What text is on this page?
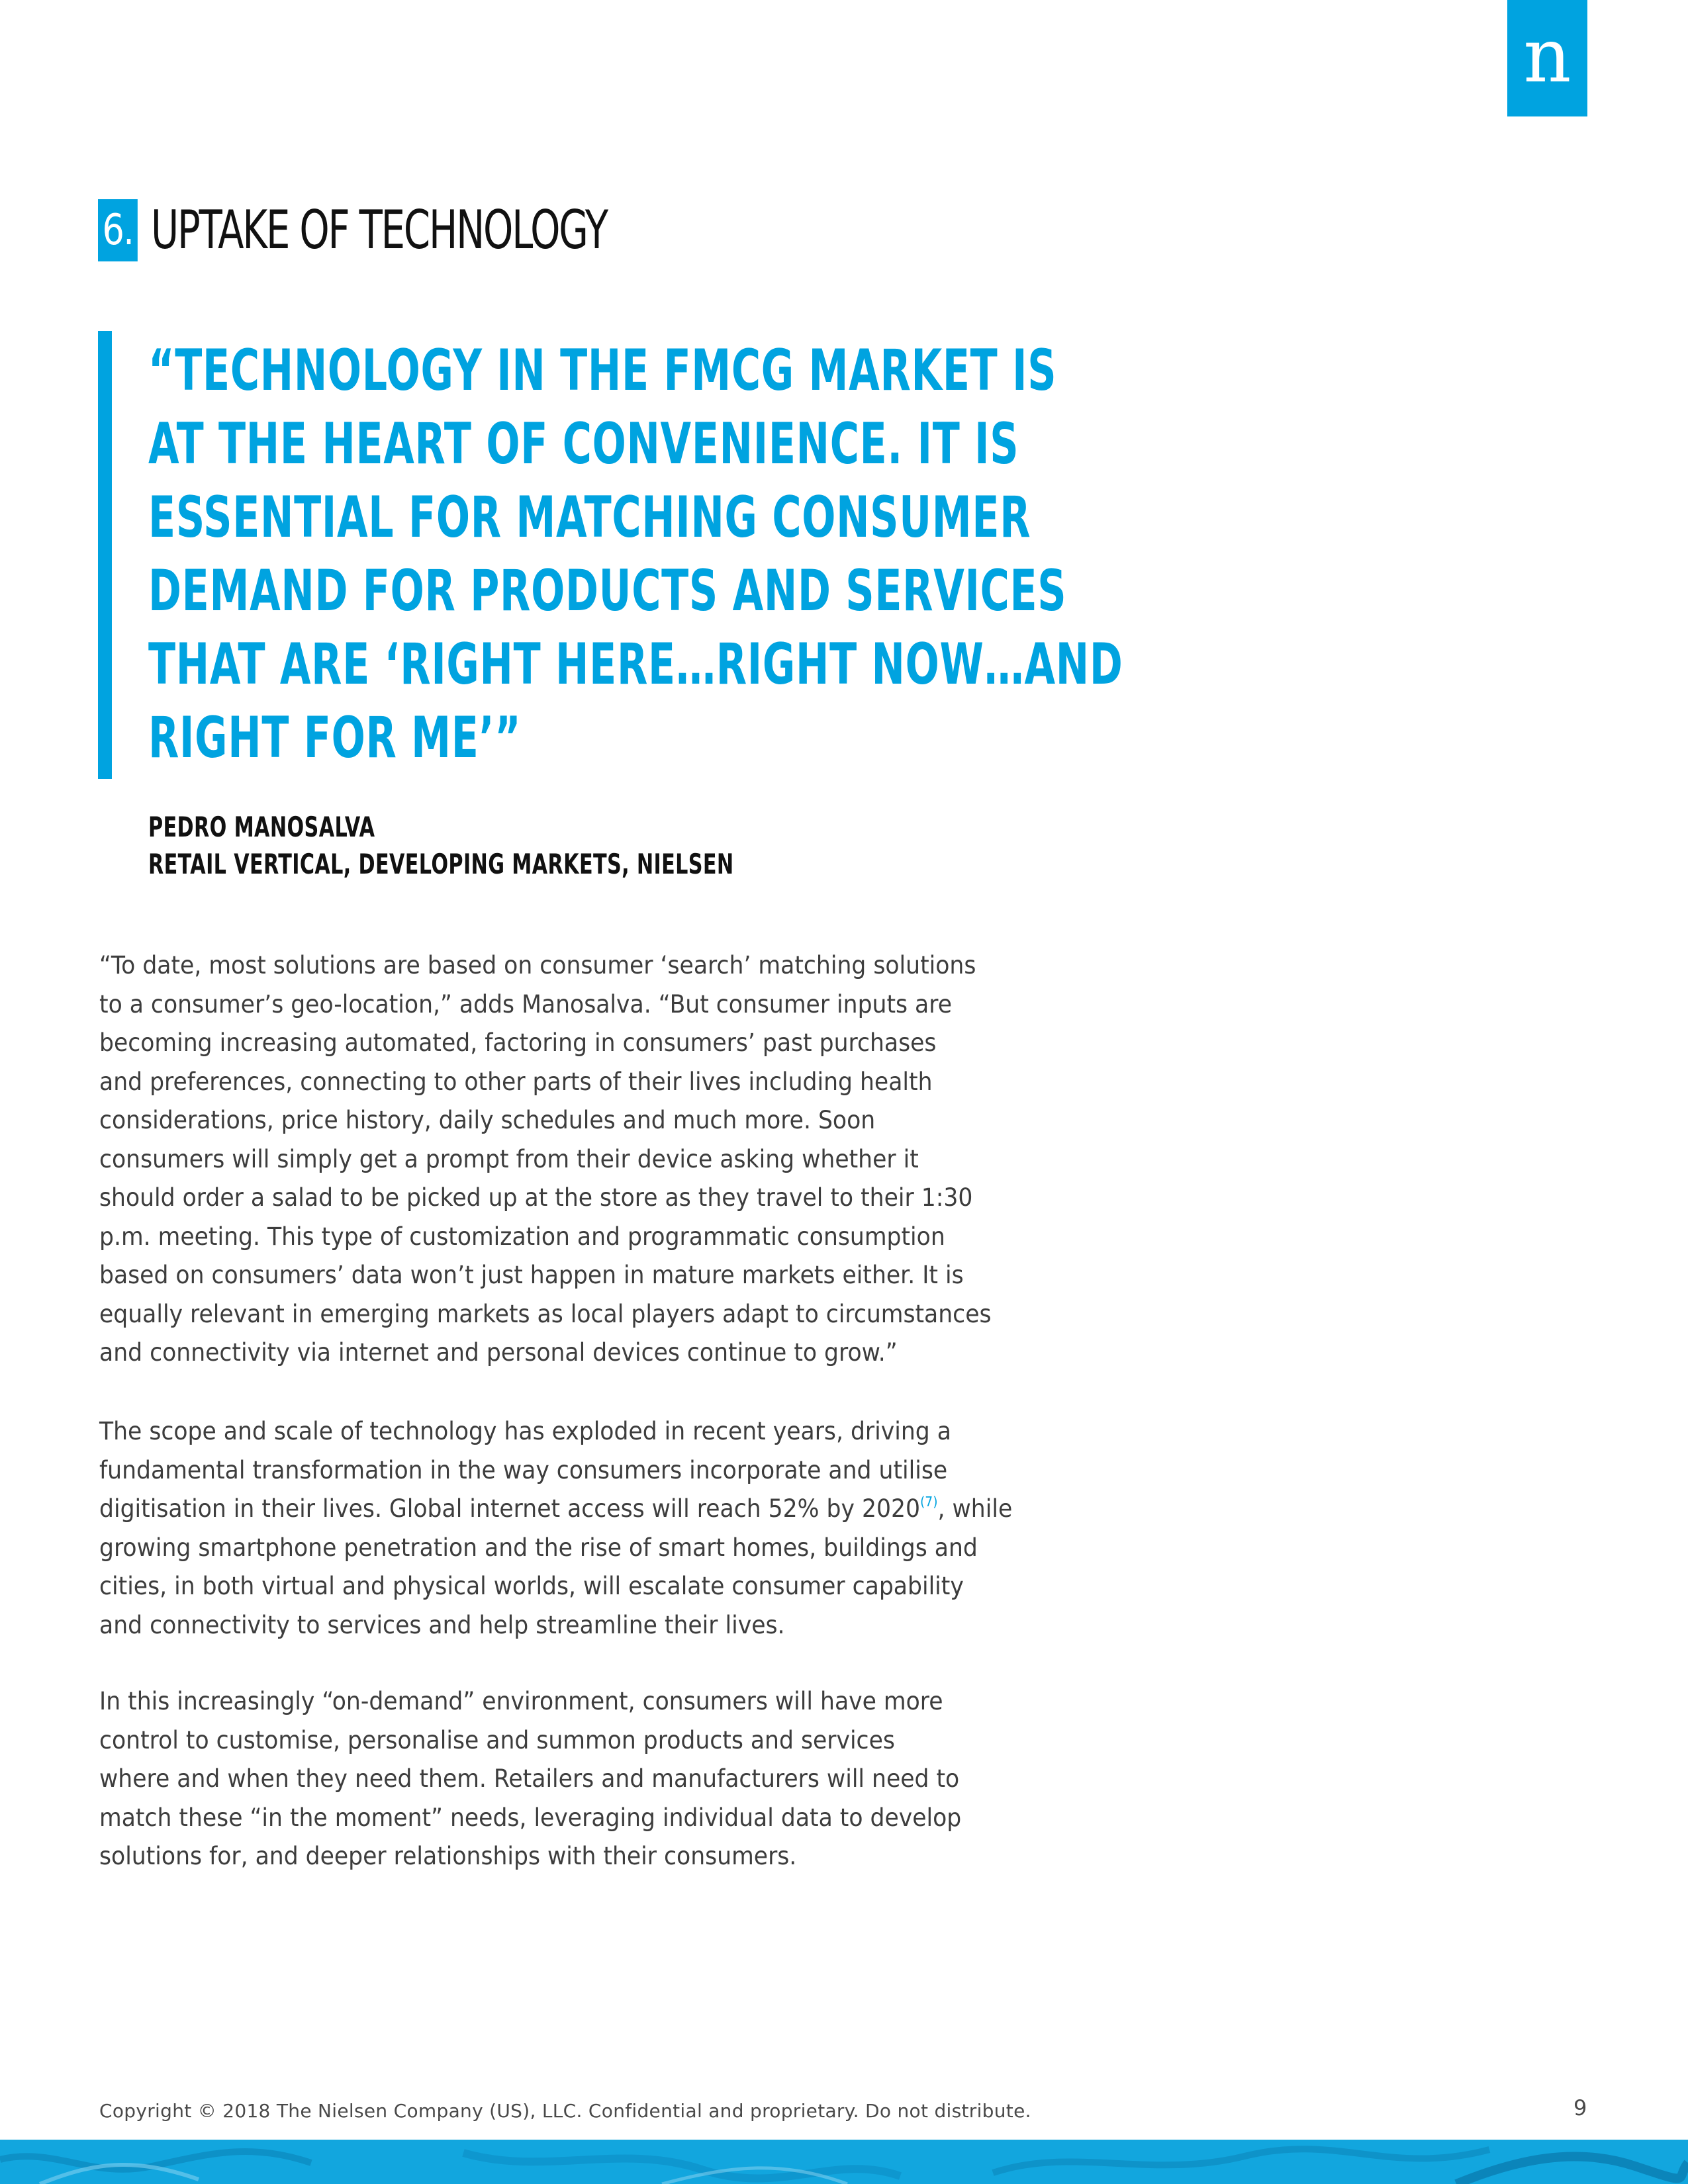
n
6. UPTAKE OF TECHNOLOGY
“TECHNOLOGY IN THE FMCG MARKET IS
AT THE HEART OF CONVENIENCE. IT IS
ESSENTIAL FOR MATCHING CONSUMER
DEMAND FOR PRODUCTS AND SERVICES
THAT ARE ‘RIGHT HERE…RIGHT NOW…AND
RIGHT FOR ME’”
PEDRO MANOSALVA
RETAIL VERTICAL, DEVELOPING MARKETS, NIELSEN
“To date, most solutions are based on consumer ‘search’ matching solutions
to a consumer’s geo-location,” adds Manosalva. “But consumer inputs are
becoming increasing automated, factoring in consumers’ past purchases
and preferences, connecting to other parts of their lives including health
considerations, price history, daily schedules and much more. Soon
consumers will simply get a prompt from their device asking whether it
should order a salad to be picked up at the store as they travel to their 1:30
p.m. meeting. This type of customization and programmatic consumption
based on consumers’ data won’t just happen in mature markets either. It is
equally relevant in emerging markets as local players adapt to circumstances
and connectivity via internet and personal devices continue to grow.”
The scope and scale of technology has exploded in recent years, driving a
fundamental transformation in the way consumers incorporate and utilise
digitisation in their lives. Global internet access will reach 52% by 2020$^{(7)}$, while
growing smartphone penetration and the rise of smart homes, buildings and
cities, in both virtual and physical worlds, will escalate consumer capability
and connectivity to services and help streamline their lives.
In this increasingly “on-demand” environment, consumers will have more
control to customise, personalise and summon products and services
where and when they need them. Retailers and manufacturers will need to
match these “in the moment” needs, leveraging individual data to develop
solutions for, and deeper relationships with their consumers.
Copyright © 2018 The Nielsen Company (US), LLC. Confidential and proprietary. Do not distribute.	9
